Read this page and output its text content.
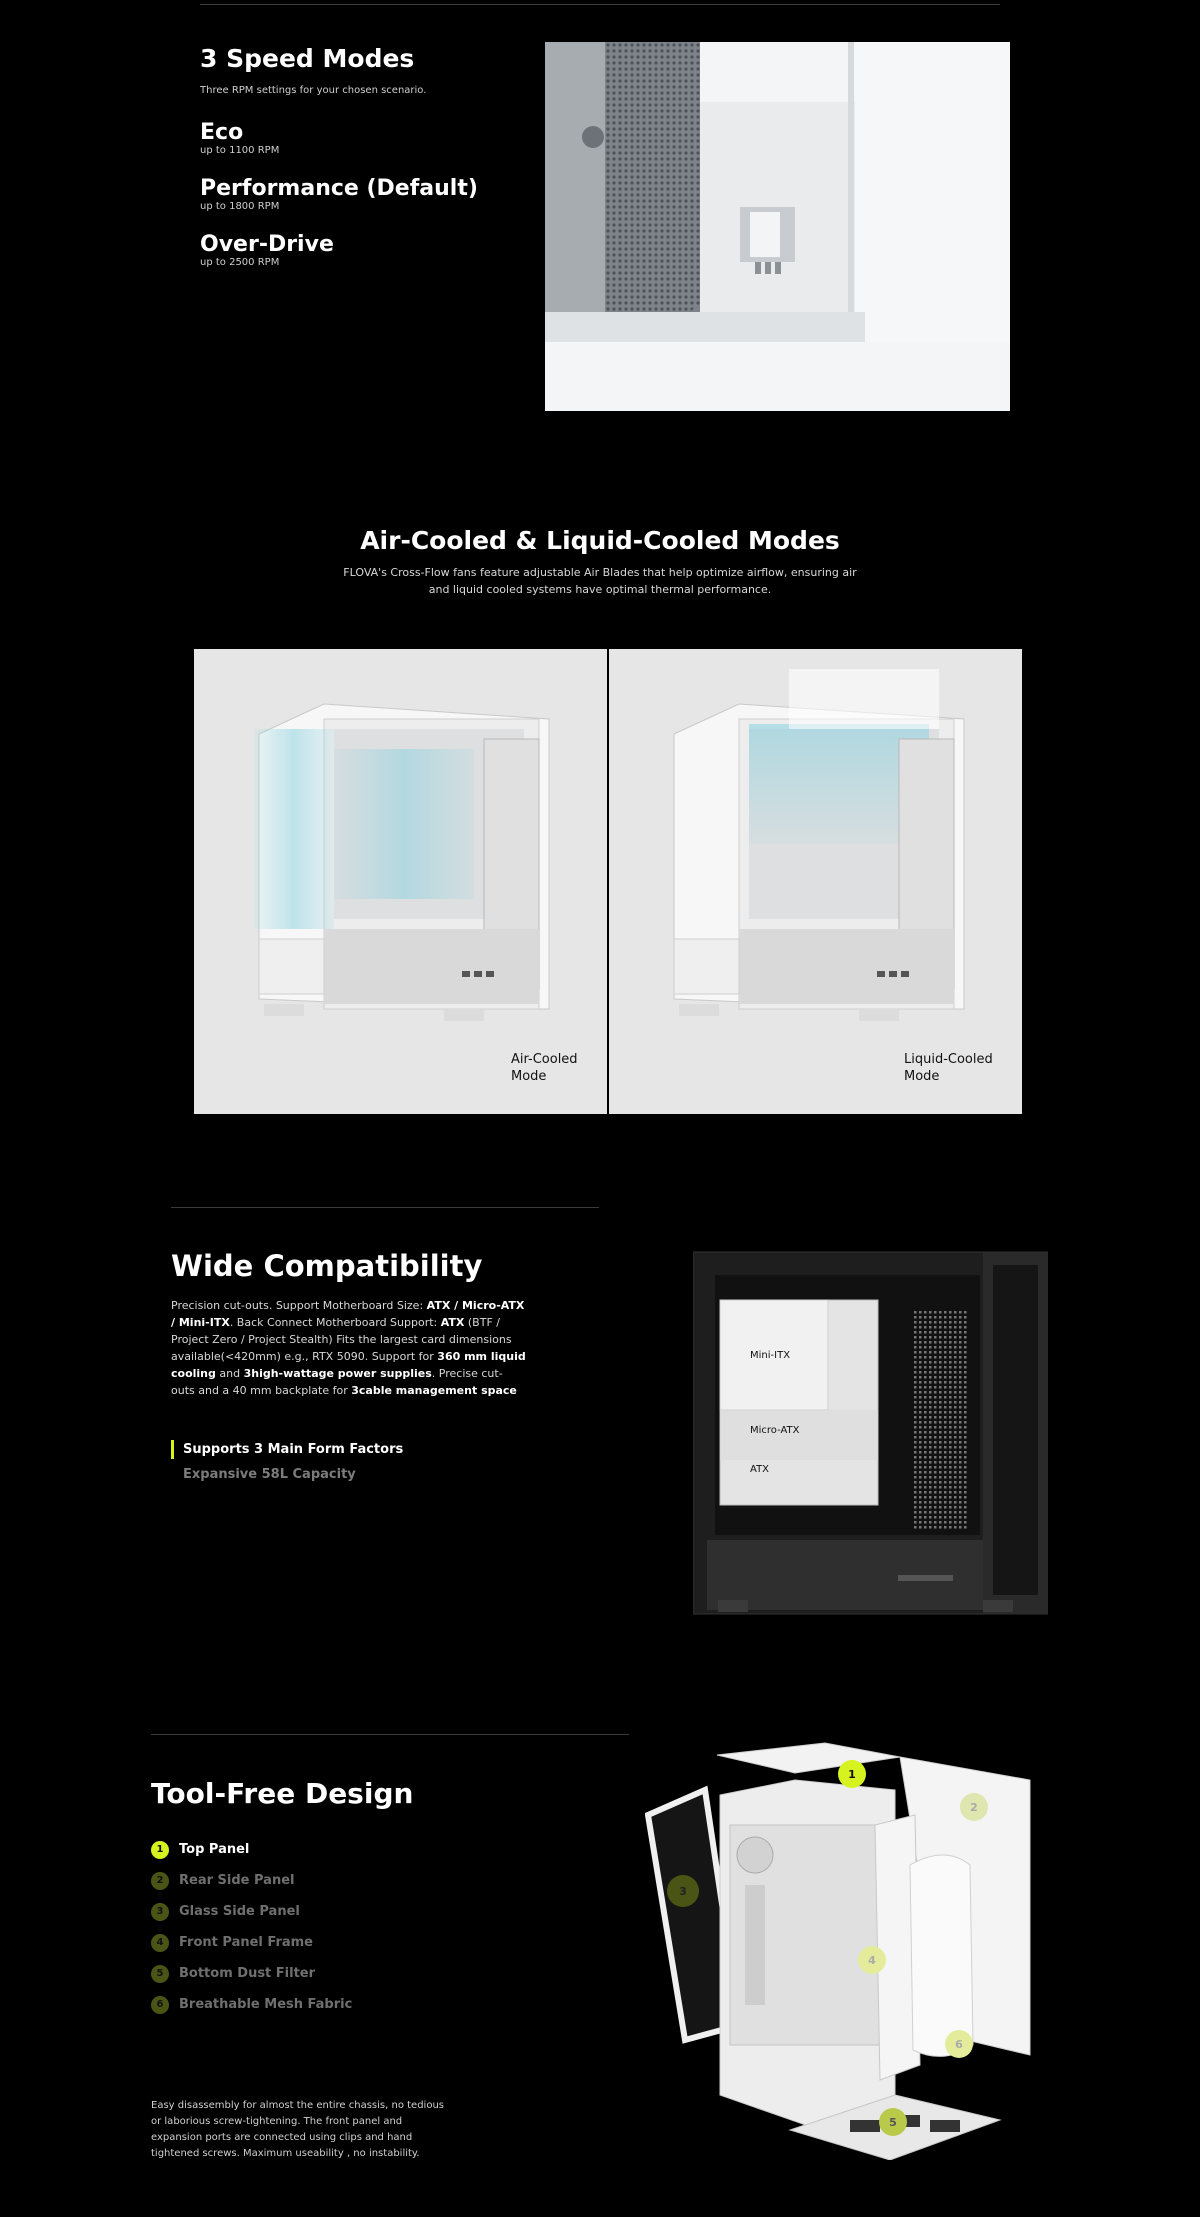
3 Speed Modes
Three RPM settings for your chosen scenario.
Eco
up to 1100 RPM
Performance (Default)
up to 1800 RPM
Over-Drive
up to 2500 RPM
Air-Cooled & Liquid-Cooled Modes
FLOVA's Cross-Flow fans feature adjustable Air Blades that help optimize airflow, ensuring air
and liquid cooled systems have optimal thermal performance.
Air-Cooled
Mode
Liquid-Cooled
Mode
Wide Compatibility
Precision cut-outs. Support Motherboard Size: ATX / Micro-ATX / Mini-ITX. Back Connect Motherboard Support: ATX (BTF / Project Zero / Project Stealth) Fits the largest card dimensions available(<420mm) e.g., RTX 5090. Support for 360 mm liquid cooling and 3high-wattage power supplies. Precise cut-outs and a 40 mm backplate for 3cable management space
Supports 3 Main Form Factors
Expansive 58L Capacity
Mini-ITX
Micro-ATX
ATX
Tool-Free Design
1	Top Panel
2	Rear Side Panel
3	Glass Side Panel
4	Front Panel Frame
5	Bottom Dust Filter
6	Breathable Mesh Fabric
Easy disassembly for almost the entire chassis, no tedious
or laborious screw-tightening. The front panel and
expansion ports are connected using clips and hand
tightened screws. Maximum useability , no instability.
1
2
3
4
5
6
